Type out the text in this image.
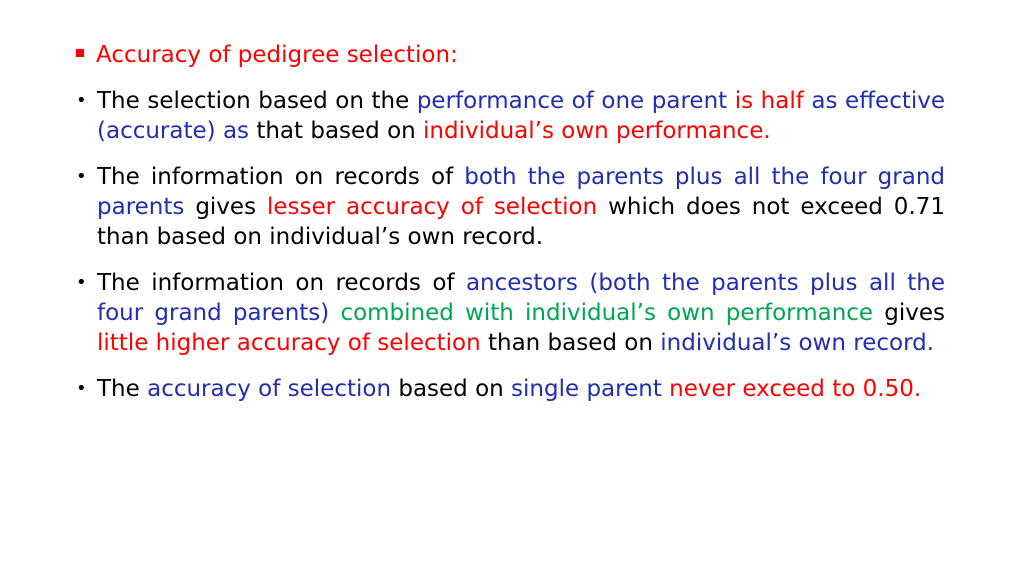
Accuracy of pedigree selection:

• The selection based on the performance of one parent is half as effective (accurate) as that based on individual’s own performance.

• The information on records of both the parents plus all the four grand parents gives lesser accuracy of selection which does not exceed 0.71 than based on individual’s own record.

• The information on records of ancestors (both the parents plus all the four grand parents) combined with individual’s own performance gives little higher accuracy of selection than based on individual’s own record.

• The accuracy of selection based on single parent never exceed to 0.50.
